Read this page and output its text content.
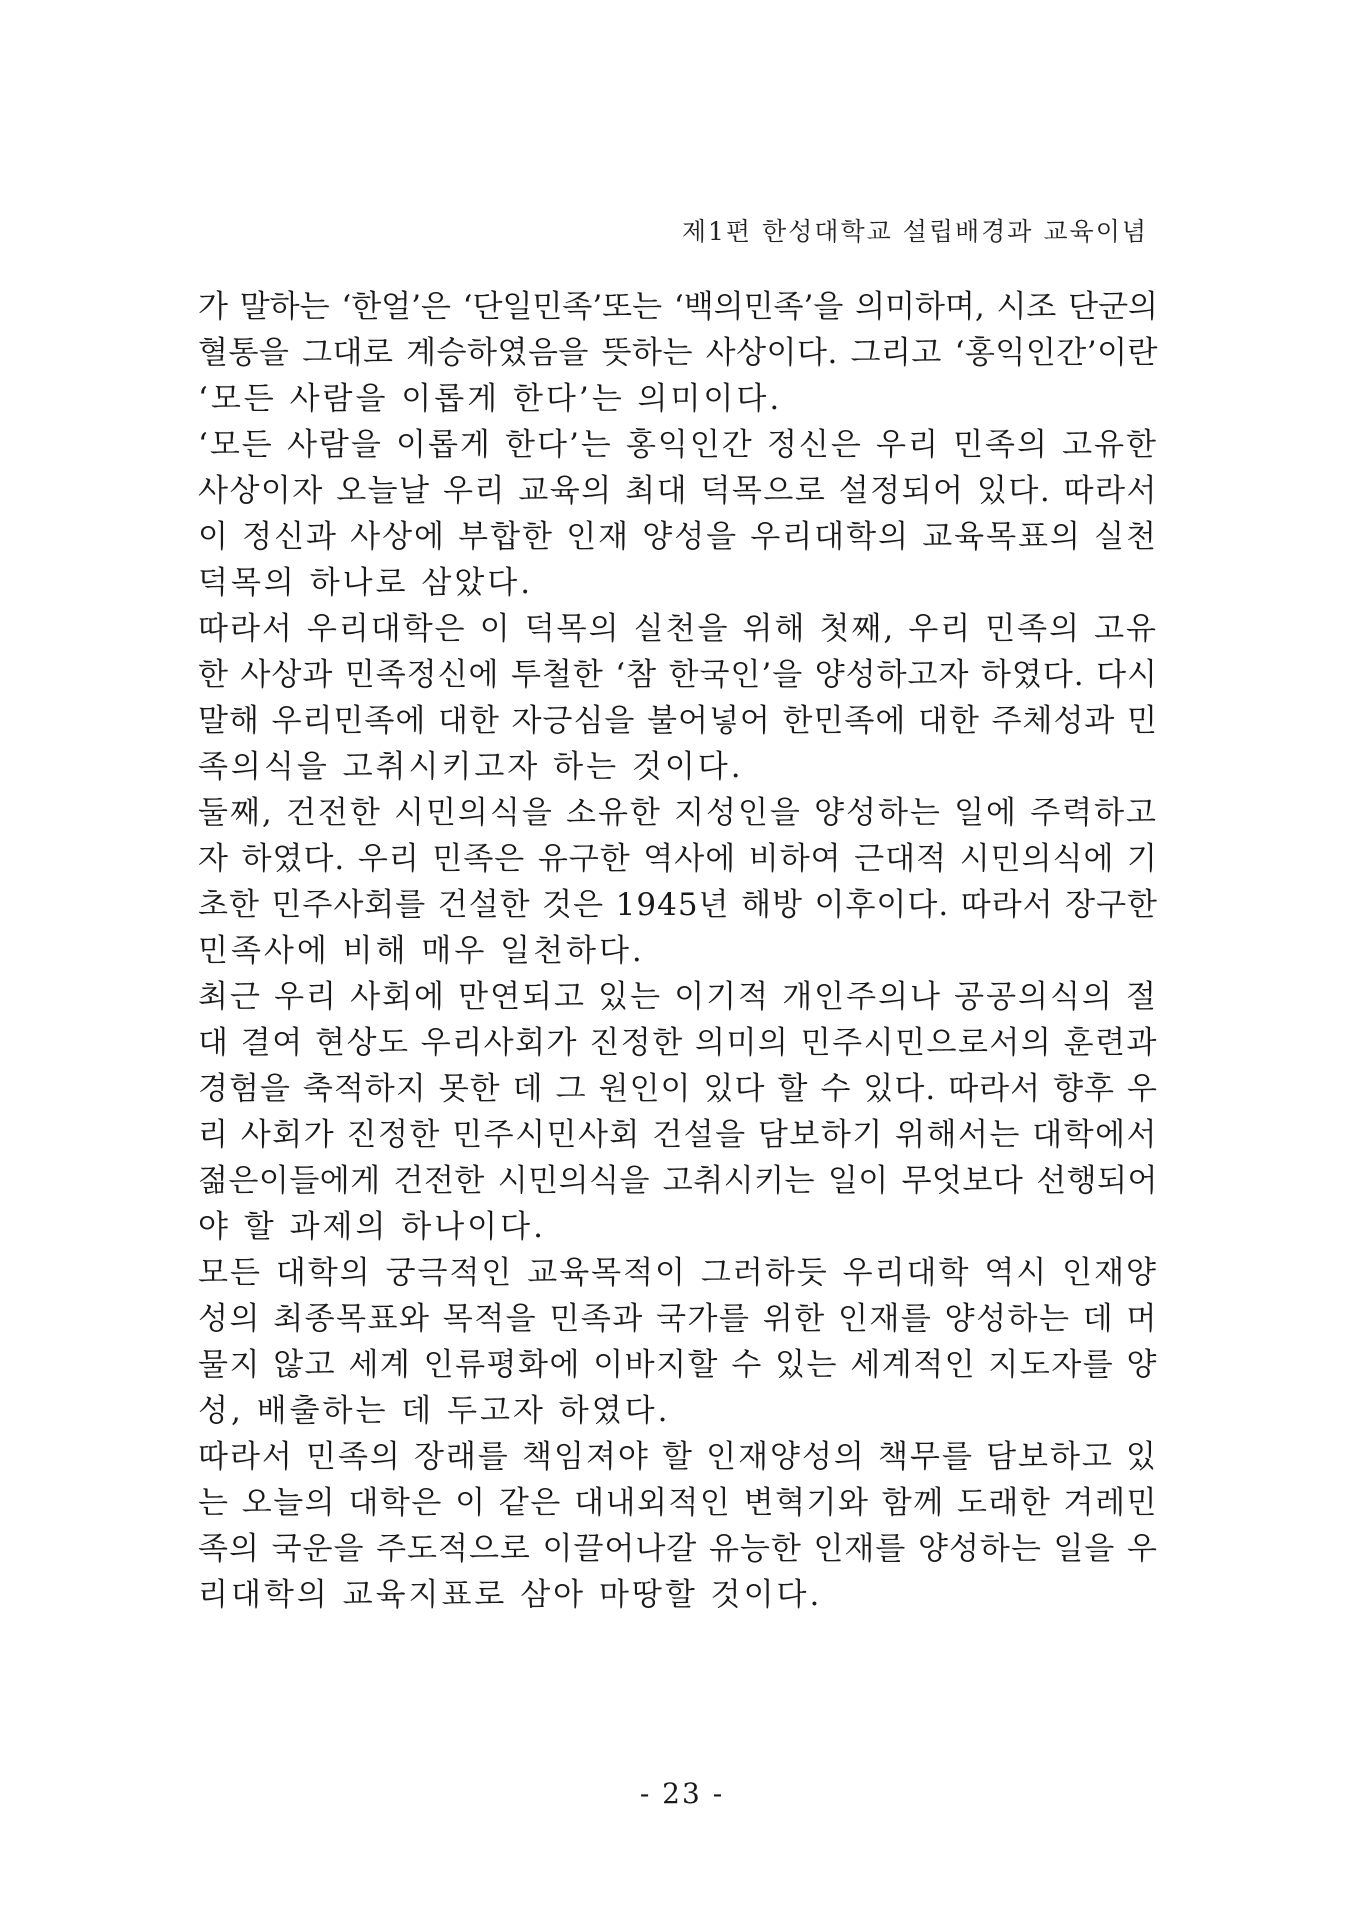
제1편 한성대학교 설립배경과 교육이념
가 말하는 ‘한얼’은 ‘단일민족’또는 ‘백의민족’을 의미하며, 시조 단군의
혈통을 그대로 계승하였음을 뜻하는 사상이다. 그리고 ‘홍익인간’이란
‘모든 사람을 이롭게 한다’는 의미이다.
‘모든 사람을 이롭게 한다’는 홍익인간 정신은 우리 민족의 고유한
사상이자 오늘날 우리 교육의 최대 덕목으로 설정되어 있다. 따라서
이 정신과 사상에 부합한 인재 양성을 우리대학의 교육목표의 실천
덕목의 하나로 삼았다.
따라서 우리대학은 이 덕목의 실천을 위해 첫째, 우리 민족의 고유
한 사상과 민족정신에 투철한 ‘참 한국인’을 양성하고자 하였다. 다시
말해 우리민족에 대한 자긍심을 불어넣어 한민족에 대한 주체성과 민
족의식을 고취시키고자 하는 것이다.
둘째, 건전한 시민의식을 소유한 지성인을 양성하는 일에 주력하고
자 하였다. 우리 민족은 유구한 역사에 비하여 근대적 시민의식에 기
초한 민주사회를 건설한 것은 1945년 해방 이후이다. 따라서 장구한
민족사에 비해 매우 일천하다.
최근 우리 사회에 만연되고 있는 이기적 개인주의나 공공의식의 절
대 결여 현상도 우리사회가 진정한 의미의 민주시민으로서의 훈련과
경험을 축적하지 못한 데 그 원인이 있다 할 수 있다. 따라서 향후 우
리 사회가 진정한 민주시민사회 건설을 담보하기 위해서는 대학에서
젊은이들에게 건전한 시민의식을 고취시키는 일이 무엇보다 선행되어
야 할 과제의 하나이다.
모든 대학의 궁극적인 교육목적이 그러하듯 우리대학 역시 인재양
성의 최종목표와 목적을 민족과 국가를 위한 인재를 양성하는 데 머
물지 않고 세계 인류평화에 이바지할 수 있는 세계적인 지도자를 양
성, 배출하는 데 두고자 하였다.
따라서 민족의 장래를 책임져야 할 인재양성의 책무를 담보하고 있
는 오늘의 대학은 이 같은 대내외적인 변혁기와 함께 도래한 겨레민
족의 국운을 주도적으로 이끌어나갈 유능한 인재를 양성하는 일을 우
리대학의 교육지표로 삼아 마땅할 것이다.
- 23 -
